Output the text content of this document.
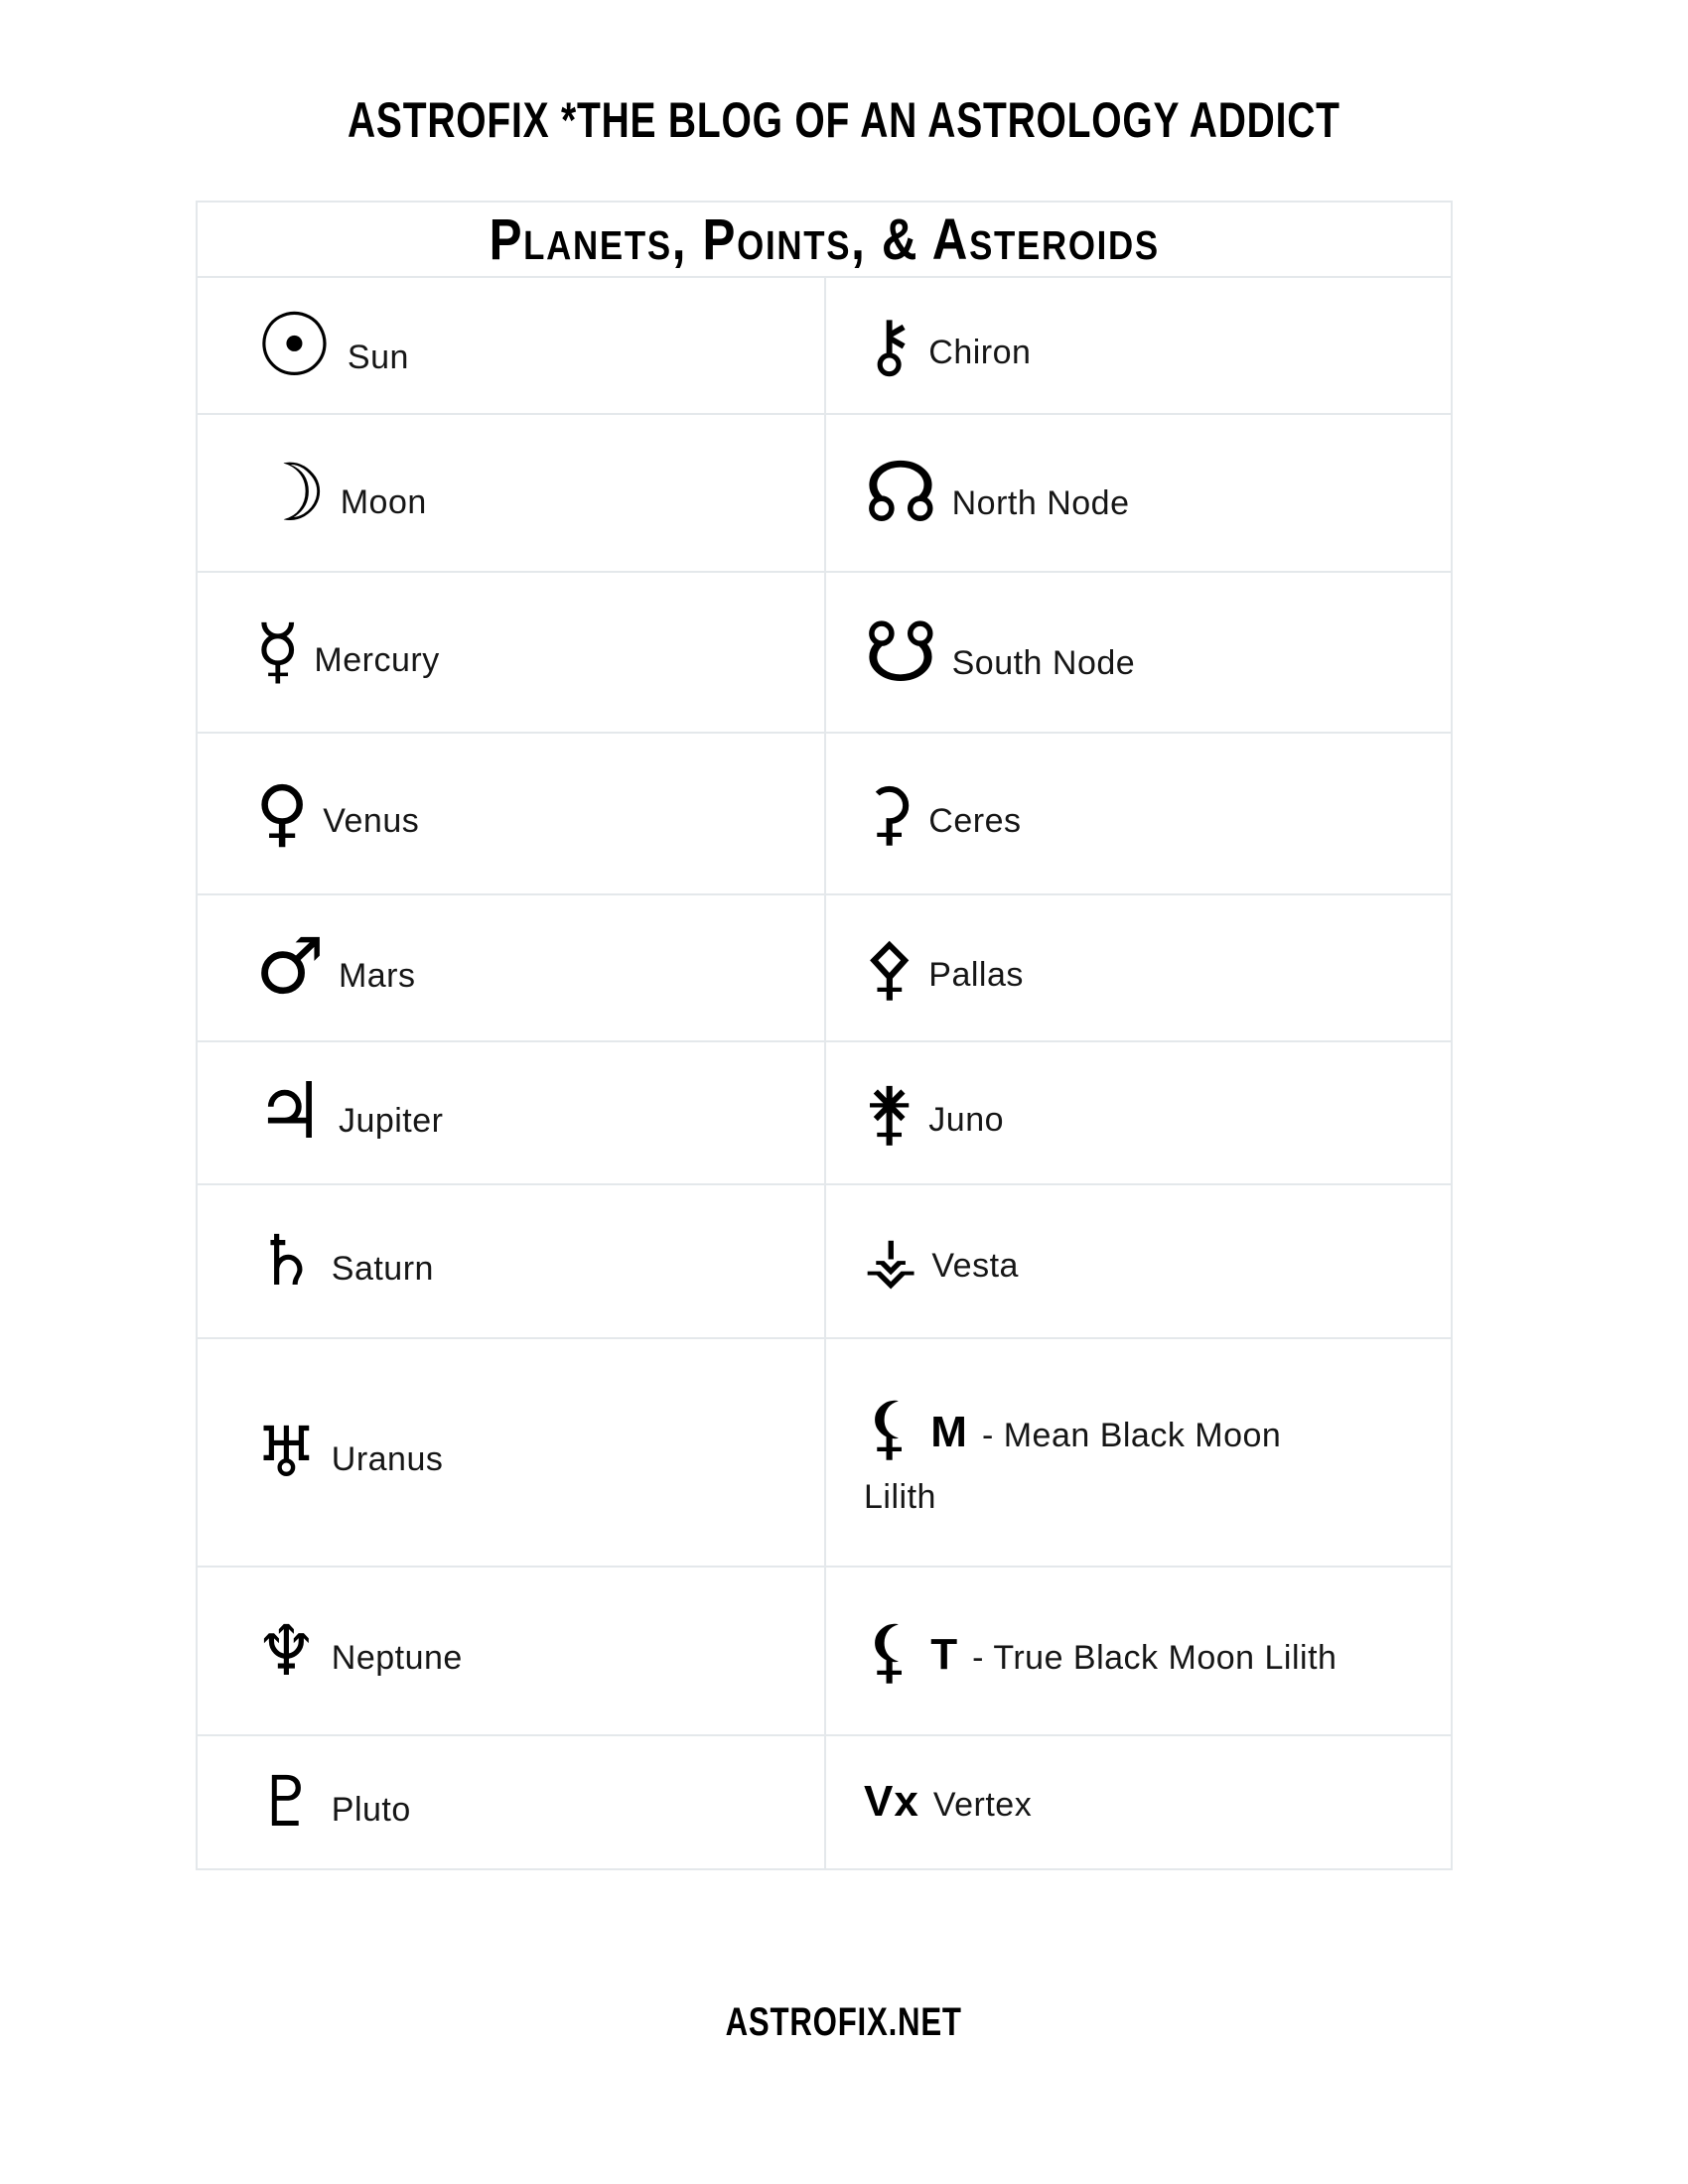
ASTROFIX *THE BLOG OF AN ASTROLOGY ADDICT
Planets, Points, & Asteroids
☉ Sun	⚷ Chiron
☽ Moon	☊ North Node
☿ Mercury	☋ South Node
♀ Venus	⚳ Ceres
♂ Mars	⚴ Pallas
♃ Jupiter	⚵ Juno
♄ Saturn	⚶ Vesta
♅ Uranus	⚸ M - Mean Black Moon
Lilith
♆ Neptune	⚸ T - True Black Moon Lilith
♇ Pluto	Vx Vertex
ASTROFIX.NET
